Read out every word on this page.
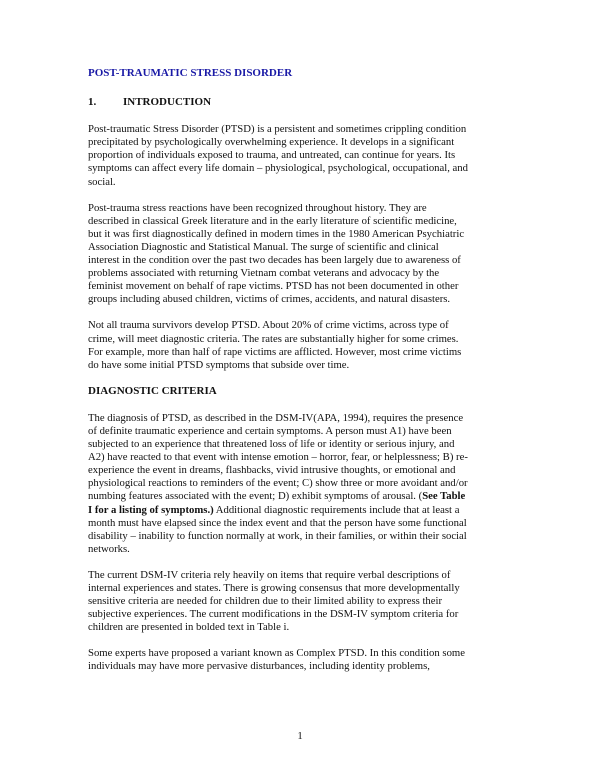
POST-TRAUMATIC STRESS DISORDER

1. INTRODUCTION

Post-traumatic Stress Disorder (PTSD) is a persistent and sometimes crippling condition

precipitated by psychologically overwhelming experience. It develops in a significant

proportion of individuals exposed to trauma, and untreated, can continue for years. Its

symptoms can affect every life domain – physiological, psychological, occupational, and

social.

Post-trauma stress reactions have been recognized throughout history. They are

described in classical Greek literature and in the early literature of scientific medicine,

but it was first diagnostically defined in modern times in the 1980 American Psychiatric

Association Diagnostic and Statistical Manual. The surge of scientific and clinical

interest in the condition over the past two decades has been largely due to awareness of

problems associated with returning Vietnam combat veterans and advocacy by the

feminist movement on behalf of rape victims. PTSD has not been documented in other

groups including abused children, victims of crimes, accidents, and natural disasters.

Not all trauma survivors develop PTSD. About 20% of crime victims, across type of

crime, will meet diagnostic criteria. The rates are substantially higher for some crimes.

For example, more than half of rape victims are afflicted. However, most crime victims

do have some initial PTSD symptoms that subside over time.

DIAGNOSTIC CRITERIA

The diagnosis of PTSD, as described in the DSM-IV(APA, 1994), requires the presence

of definite traumatic experience and certain symptoms. A person must A1) have been

subjected to an experience that threatened loss of life or identity or serious injury, and

A2) have reacted to that event with intense emotion – horror, fear, or helplessness; B) re-

experience the event in dreams, flashbacks, vivid intrusive thoughts, or emotional and

physiological reactions to reminders of the event; C) show three or more avoidant and/or

numbing features associated with the event; D) exhibit symptoms of arousal. (See Table

I for a listing of symptoms.) Additional diagnostic requirements include that at least a

month must have elapsed since the index event and that the person have some functional

disability – inability to function normally at work, in their families, or within their social

networks.

The current DSM-IV criteria rely heavily on items that require verbal descriptions of

internal experiences and states. There is growing consensus that more developmentally

sensitive criteria are needed for children due to their limited ability to express their

subjective experiences. The current modifications in the DSM-IV symptom criteria for

children are presented in bolded text in Table i.

Some experts have proposed a variant known as Complex PTSD. In this condition some

individuals may have more pervasive disturbances, including identity problems,

1
